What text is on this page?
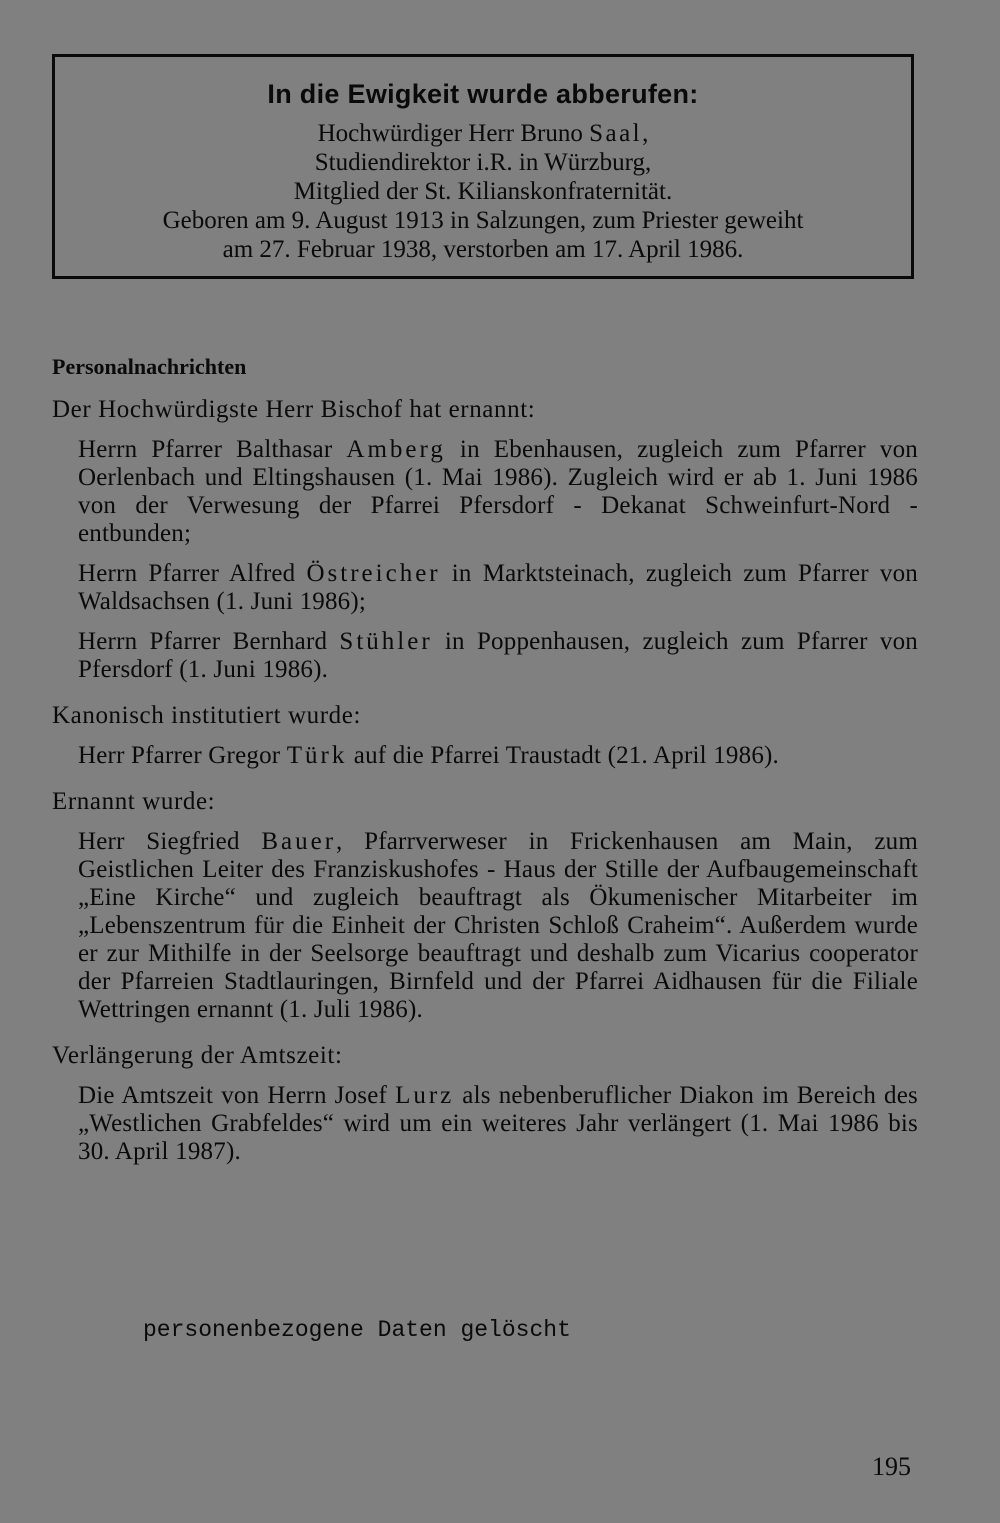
In die Ewigkeit wurde abberufen:
Hochwürdiger Herr Bruno Saal,
Studiendirektor i.R. in Würzburg,
Mitglied der St. Kilianskonfraternität.
Geboren am 9. August 1913 in Salzungen, zum Priester geweiht
am 27. Februar 1938, verstorben am 17. April 1986.
Personalnachrichten

Der Hochwürdigste Herr Bischof hat ernannt:

Herrn Pfarrer Balthasar Amberg in Ebenhausen, zugleich zum Pfarrer von Oerlenbach und Eltingshausen (1. Mai 1986). Zugleich wird er ab 1. Juni 1986 von der Verwesung der Pfarrei Pfersdorf - Dekanat Schweinfurt-Nord - entbunden;

Herrn Pfarrer Alfred Östreicher in Marktsteinach, zugleich zum Pfarrer von Waldsachsen (1. Juni 1986);

Herrn Pfarrer Bernhard Stühler in Poppenhausen, zugleich zum Pfarrer von Pfersdorf (1. Juni 1986).

Kanonisch institutiert wurde:

Herr Pfarrer Gregor Türk auf die Pfarrei Traustadt (21. April 1986).

Ernannt wurde:

Herr Siegfried Bauer, Pfarrverweser in Frickenhausen am Main, zum Geistlichen Leiter des Franziskushofes - Haus der Stille der Aufbaugemeinschaft „Eine Kirche“ und zugleich beauftragt als Ökumenischer Mitarbeiter im „Lebenszentrum für die Einheit der Christen Schloß Craheim“. Außerdem wurde er zur Mithilfe in der Seelsorge beauftragt und deshalb zum Vicarius cooperator der Pfarreien Stadtlauringen, Birnfeld und der Pfarrei Aidhausen für die Filiale Wettringen ernannt (1. Juli 1986).

Verlängerung der Amtszeit:

Die Amtszeit von Herrn Josef Lurz als nebenberuflicher Diakon im Bereich des „Westlichen Grabfeldes“ wird um ein weiteres Jahr verlängert (1. Mai 1986 bis 30. April 1987).

personenbezogene Daten gelöscht
195
